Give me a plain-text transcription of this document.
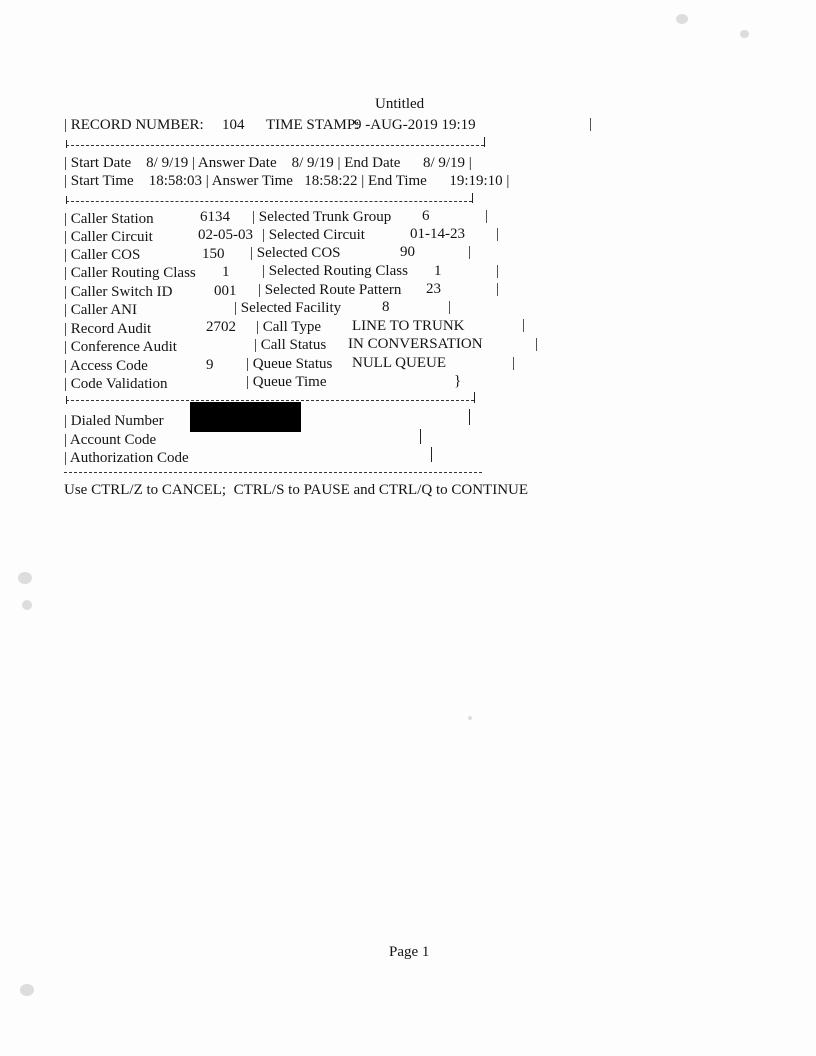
Untitled
| RECORD NUMBER: 104 TIME STAMP:
9 -AUG-2019 19:19	|
| Start Date    8/ 9/19 | Answer Date    8/ 9/19 | End Date      8/ 9/19 |
| Start Time    18:58:03 | Answer Time   18:58:22 | End Time      19:19:10 |
| Caller Station	6134 | Selected Trunk Group 6	|
| Caller Circuit	02-05-03 | Selected Circuit	01-14-23 |
| Caller COS	150 | Selected COS	90	|
| Caller Routing Class 1 | Selected Routing Class 1	|
| Caller Switch ID	001 | Selected Route Pattern 23	|
| Caller ANI	| Selected Facility	8	|
| Record Audit	2702 | Call Type LINE TO TRUNK	|
| Conference Audit	| Call Status IN CONVERSATION	|
| Access Code	9 | Queue Status NULL QUEUE	|
| Code Validation	| Queue Time	}
| Dialed Number
| Account Code
| Authorization Code
Use CTRL/Z to CANCEL;  CTRL/S to PAUSE and CTRL/Q to CONTINUE
Page 1
